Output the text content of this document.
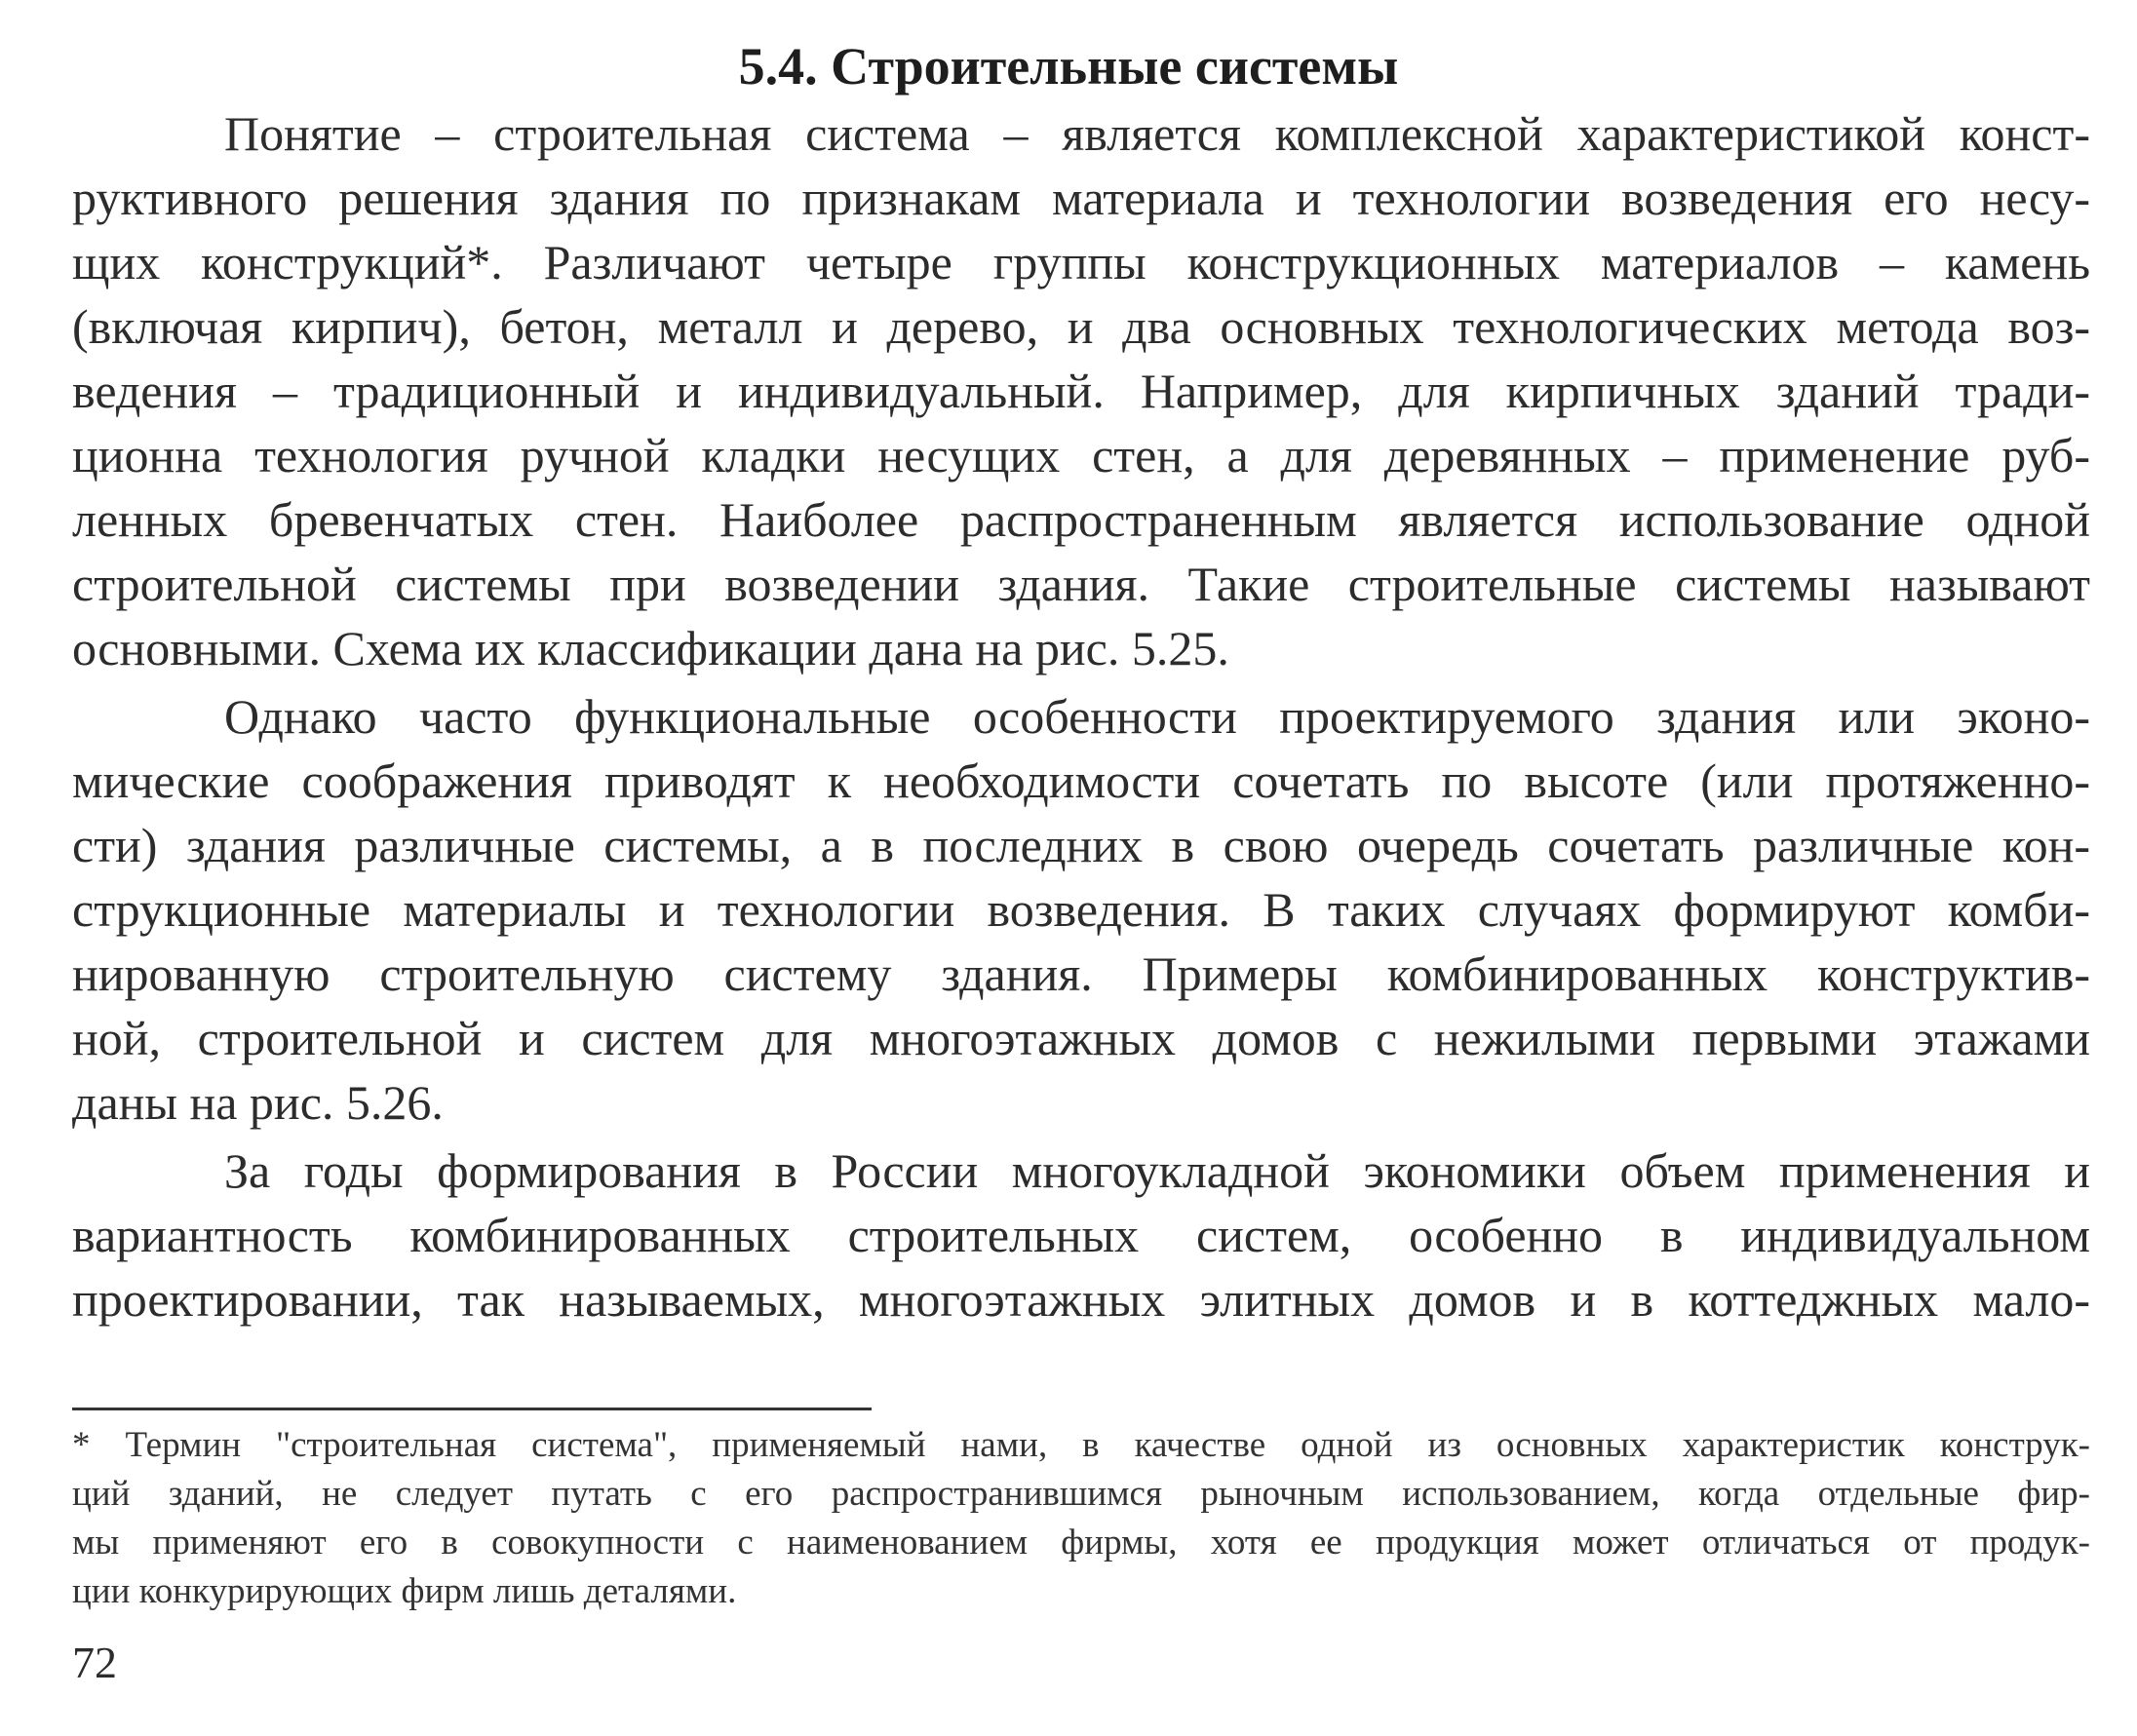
5.4. Строительные системы
Понятие – строительная система – является комплексной характеристикой конст-
руктивного решения здания по признакам материала и технологии возведения его несу-
щих конструкций*. Различают четыре группы конструкционных материалов – камень
(включая кирпич), бетон, металл и дерево, и два основных технологических метода воз-
ведения – традиционный и индивидуальный. Например, для кирпичных зданий тради-
ционна технология ручной кладки несущих стен, а для деревянных – применение руб-
ленных бревенчатых стен. Наиболее распространенным является использование одной
строительной системы при возведении здания. Такие строительные системы называют
основными. Схема их классификации дана на рис. 5.25.
Однако часто функциональные особенности проектируемого здания или эконо-
мические соображения приводят к необходимости сочетать по высоте (или протяженно-
сти) здания различные системы, а в последних в свою очередь сочетать различные кон-
струкционные материалы и технологии возведения. В таких случаях формируют комби-
нированную строительную систему здания. Примеры комбинированных конструктив-
ной, строительной и систем для многоэтажных домов с нежилыми первыми этажами
даны на рис. 5.26.
За годы формирования в России многоукладной экономики объем применения и
вариантность комбинированных строительных систем, особенно в индивидуальном
проектировании, так называемых, многоэтажных элитных домов и в коттеджных мало-
* Термин "строительная система", применяемый нами, в качестве одной из основных характеристик конструк-
ций зданий, не следует путать с его распространившимся рыночным использованием, когда отдельные фир-
мы применяют его в совокупности с наименованием фирмы, хотя ее продукция может отличаться от продук-
ции конкурирующих фирм лишь деталями.
72
